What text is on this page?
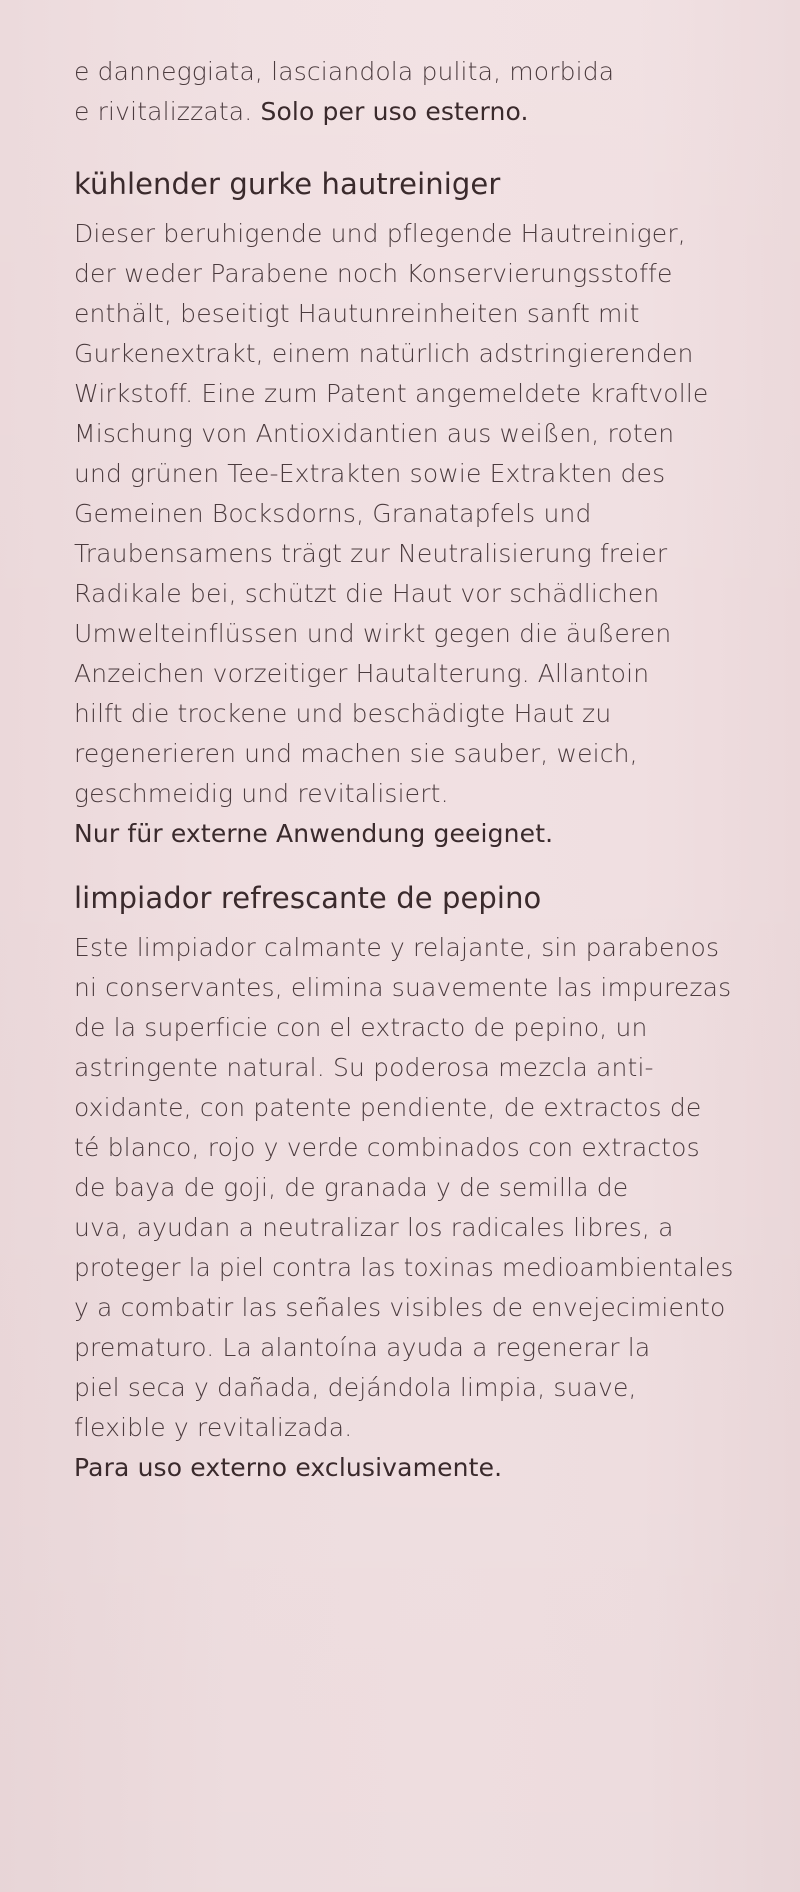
e danneggiata, lasciandola pulita, morbida

e rivitalizzata. Solo per uso esterno.

kühlender gurke hautreiniger

Dieser beruhigende und pflegende Hautreiniger,

der weder Parabene noch Konservierungsstoffe

enthält, beseitigt Hautunreinheiten sanft mit

Gurkenextrakt, einem natürlich adstringierenden

Wirkstoff. Eine zum Patent angemeldete kraftvolle

Mischung von Antioxidantien aus weißen, roten

und grünen Tee-Extrakten sowie Extrakten des

Gemeinen Bocksdorns, Granatapfels und

Traubensamens trägt zur Neutralisierung freier

Radikale bei, schützt die Haut vor schädlichen

Umwelteinflüssen und wirkt gegen die äußeren

Anzeichen vorzeitiger Hautalterung. Allantoin

hilft die trockene und beschädigte Haut zu

regenerieren und machen sie sauber, weich,

geschmeidig und revitalisiert.

Nur für externe Anwendung geeignet.

limpiador refrescante de pepino

Este limpiador calmante y relajante, sin parabenos

ni conservantes, elimina suavemente las impurezas

de la superficie con el extracto de pepino, un

astringente natural. Su poderosa mezcla anti-

oxidante, con patente pendiente, de extractos de

té blanco, rojo y verde combinados con extractos

de baya de goji, de granada y de semilla de

uva, ayudan a neutralizar los radicales libres, a

proteger la piel contra las toxinas medioambientales

y a combatir las señales visibles de envejecimiento

prematuro. La alantoína ayuda a regenerar la

piel seca y dañada, dejándola limpia, suave,

flexible y revitalizada.

Para uso externo exclusivamente.
